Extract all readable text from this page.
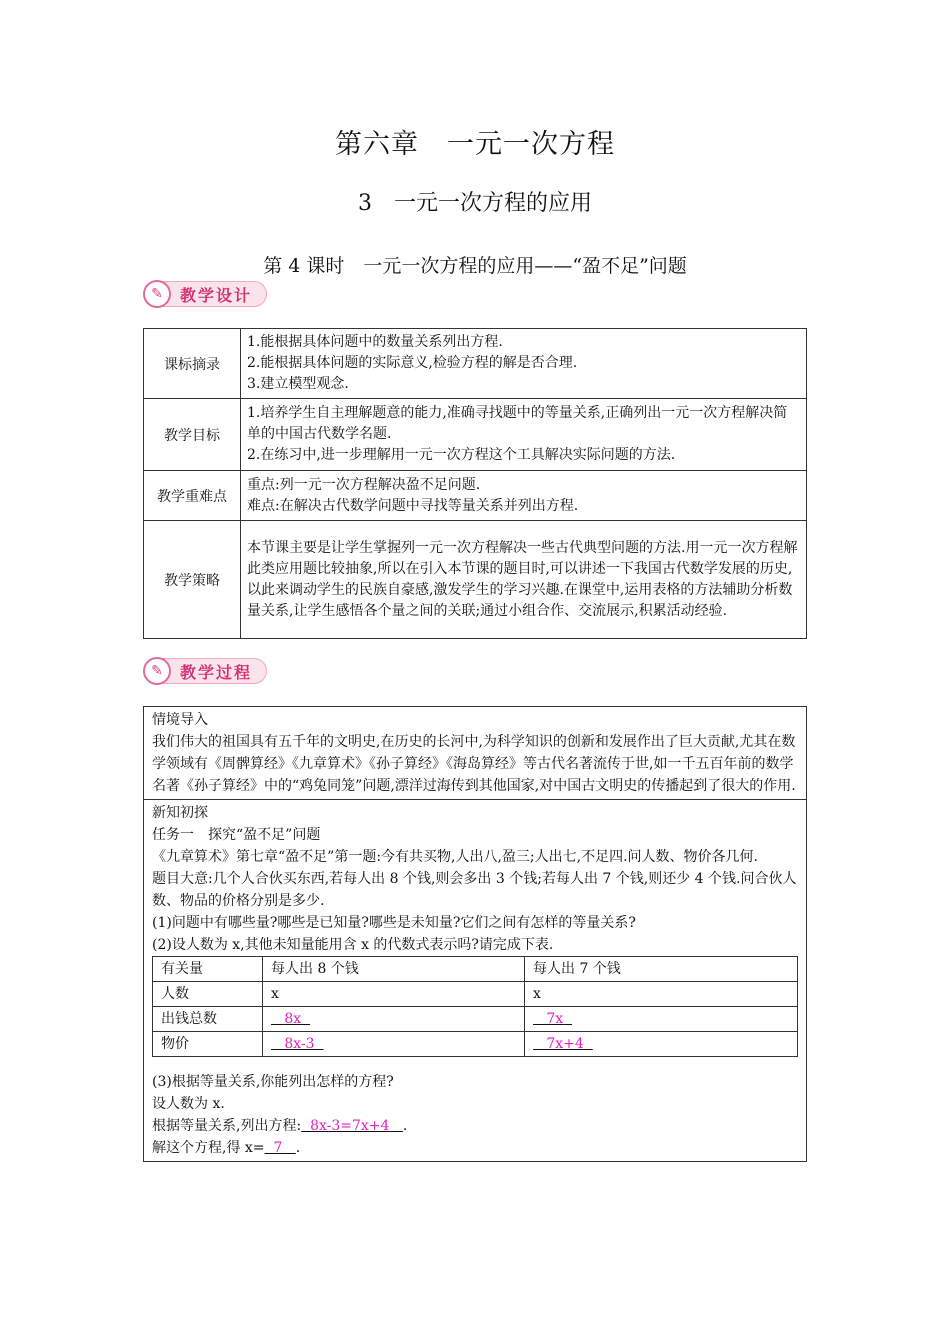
第六章　一元一次方程
3　一元一次方程的应用
第 4 课时　一元一次方程的应用——“盈不足”问题
✎	教学设计
课标摘录	1.能根据具体问题中的数量关系列出方程.
2.能根据具体问题的实际意义,检验方程的解是否合理.
3.建立模型观念.

教学目标	1.培养学生自主理解题意的能力,准确寻找题中的等量关系,正确列出一元一次方程解决简单的中国古代数学名题.
2.在练习中,进一步理解用一元一次方程这个工具解决实际问题的方法.

教学重难点	重点:列一元一次方程解决盈不足问题.
难点:在解决古代数学问题中寻找等量关系并列出方程.

教学策略	本节课主要是让学生掌握列一元一次方程解决一些古代典型问题的方法.用一元一次方程解此类应用题比较抽象,所以在引入本节课的题目时,可以讲述一下我国古代数学发展的历史,以此来调动学生的民族自豪感,激发学生的学习兴趣.在课堂中,运用表格的方法辅助分析数量关系,让学生感悟各个量之间的关联;通过小组合作、交流展示,积累活动经验.
✎	教学过程
情境导入
我们伟大的祖国具有五千年的文明史,在历史的长河中,为科学知识的创新和发展作出了巨大贡献,尤其在数学领域有《周髀算经》《九章算术》《孙子算经》《海岛算经》等古代名著流传于世,如一千五百年前的数学名著《孙子算经》中的“鸡兔同笼”问题,漂洋过海传到其他国家,对中国古文明史的传播起到了很大的作用.

新知初探
任务一　探究“盈不足”问题
《九章算术》第七章“盈不足”第一题:今有共买物,人出八,盈三;人出七,不足四.问人数、物价各几何.
题目大意:几个人合伙买东西,若每人出 8 个钱,则会多出 3 个钱;若每人出 7 个钱,则还少 4 个钱.问合伙人数、物品的价格分别是多少.
(1)问题中有哪些量?哪些是已知量?哪些是未知量?它们之间有怎样的等量关系?
(2)设人数为 x,其他未知量能用含 x 的代数式表示吗?请完成下表.
有关量	每人出 8 个钱	每人出 7 个钱
人数	x	x
出钱总数	8x	7x
物价	8x-3	7x+4
(3)根据等量关系,你能列出怎样的方程?
设人数为 x.
根据等量关系,列出方程: 8x-3=7x+4 .
解这个方程,得 x= 7 .
